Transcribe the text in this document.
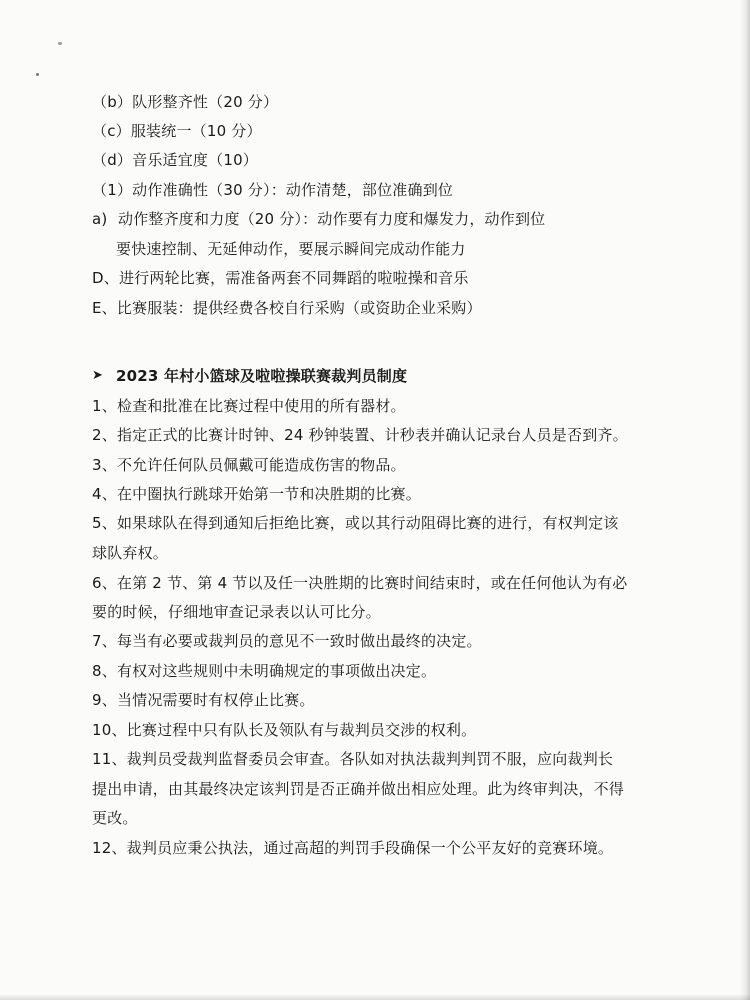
（b）队形整齐性（20 分）
（c）服装统一（10 分）
（d）音乐适宜度（10）
（1）动作准确性（30 分）：动作清楚，部位准确到位
a) 动作整齐度和力度（20 分）：动作要有力度和爆发力，动作到位
要快速控制、无延伸动作，要展示瞬间完成动作能力
D、进行两轮比赛，需准备两套不同舞蹈的啦啦操和音乐
E、比赛服装：提供经费各校自行采购（或资助企业采购）
➤ 2023 年村小篮球及啦啦操联赛裁判员制度
1、检查和批准在比赛过程中使用的所有器材。
2、指定正式的比赛计时钟、24 秒钟装置、计秒表并确认记录台人员是否到齐。
3、不允许任何队员佩戴可能造成伤害的物品。
4、在中圈执行跳球开始第一节和决胜期的比赛。
5、如果球队在得到通知后拒绝比赛，或以其行动阻碍比赛的进行，有权判定该
球队弃权。
6、在第 2 节、第 4 节以及任一决胜期的比赛时间结束时，或在任何他认为有必
要的时候，仔细地审查记录表以认可比分。
7、每当有必要或裁判员的意见不一致时做出最终的决定。
8、有权对这些规则中未明确规定的事项做出决定。
9、当情况需要时有权停止比赛。
10、比赛过程中只有队长及领队有与裁判员交涉的权利。
11、裁判员受裁判监督委员会审查。各队如对执法裁判判罚不服，应向裁判长
提出申请，由其最终决定该判罚是否正确并做出相应处理。此为终审判决，不得
更改。
12、裁判员应秉公执法，通过高超的判罚手段确保一个公平友好的竞赛环境。
